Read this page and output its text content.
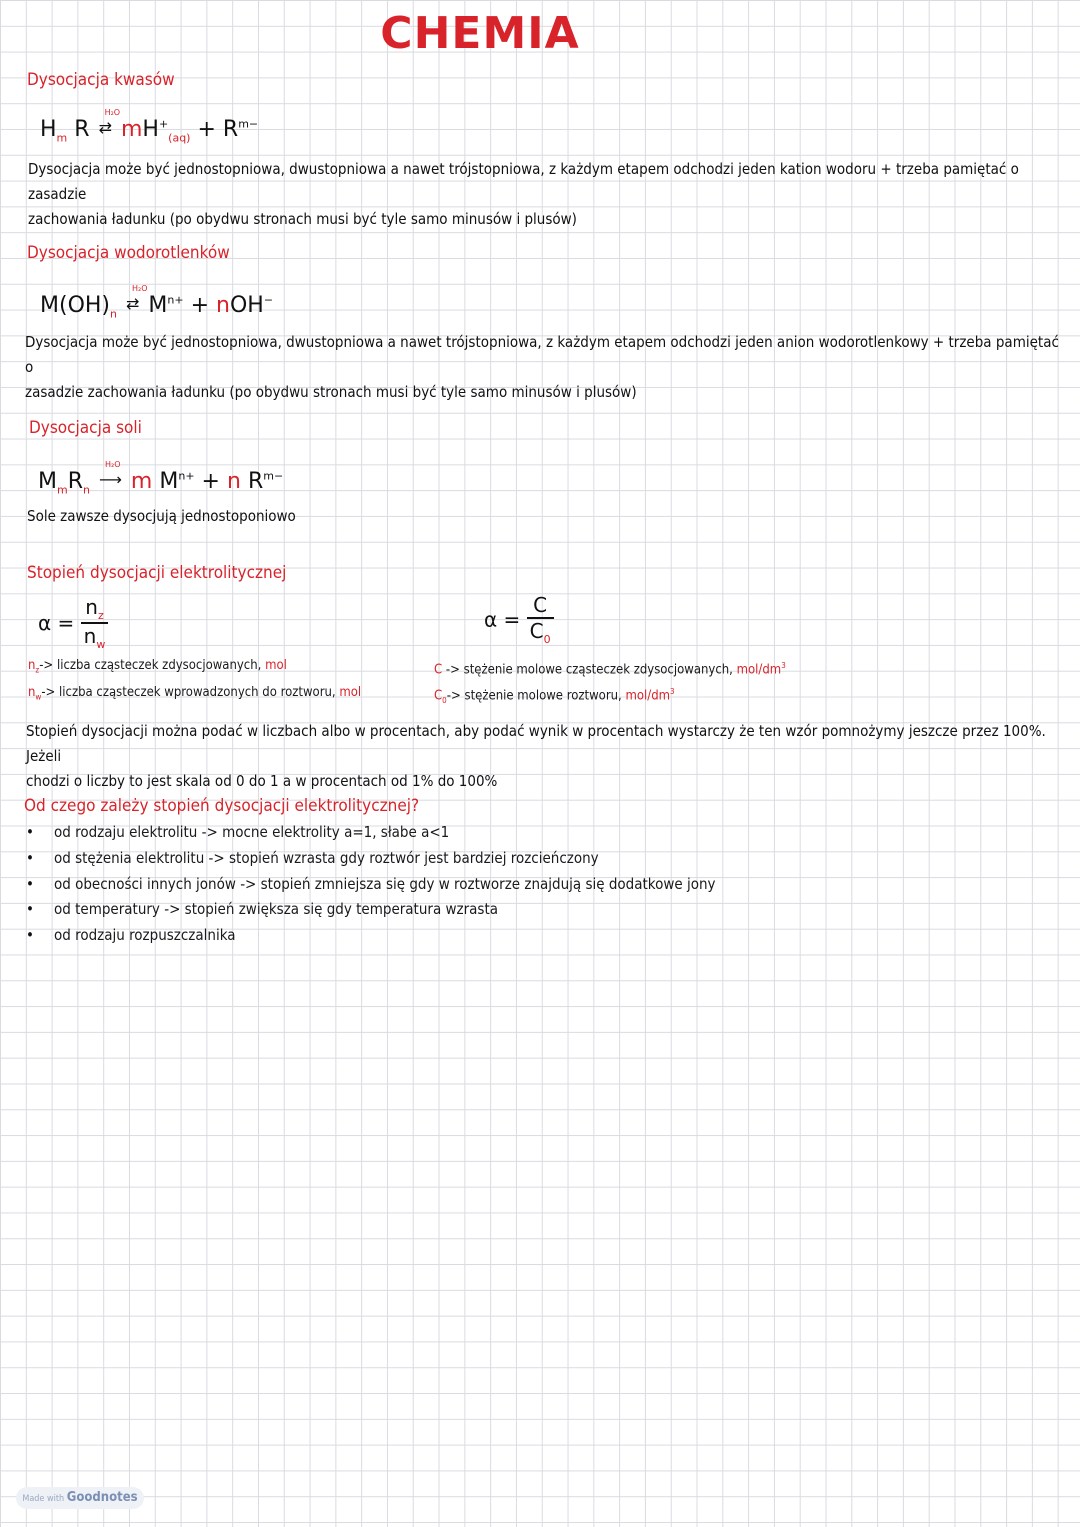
CHEMIA
Dysocjacja kwasów
$H_m$ R ⇄
H₂O
$mH^+_{(aq)} + R^{m-}$
Dysocjacja może być jednostopniowa, dwustopniowa a nawet trójstopniowa, z każdym etapem odchodzi jeden kation wodoru + trzeba pamiętać o zasadzie
zachowania ładunku (po obydwu stronach musi być tyle samo minusów i plusów)
Dysocjacja wodorotlenków
$M(OH)_n$ ⇄
H₂O
$M^{n+} + nOH^-$
Dysocjacja może być jednostopniowa, dwustopniowa a nawet trójstopniowa, z każdym etapem odchodzi jeden anion wodorotlenkowy + trzeba pamiętać o
zasadzie zachowania ładunku (po obydwu stronach musi być tyle samo minusów i plusów)
Dysocjacja soli
$M_mR_n$ ⟶
H₂O
m $M^{n+} + n$ $R^{m-}$
Sole zawsze dysocjują jednostoponiowo
Stopień dysocjacji elektrolitycznej
$\alpha = \frac{n_z}{n_w}$	$\alpha = \frac{C}{C_0}$
$n_z->$ liczba cząsteczek zdysocjowanych, mol
$n_w->$ liczba cząsteczek wprowadzonych do roztworu, mol
C -> stężenie molowe cząsteczek zdysocjowanych, mol/$dm^3$
$C_0->$ stężenie molowe roztworu, mol/$dm^3$
Stopień dysocjacji można podać w liczbach albo w procentach, aby podać wynik w procentach wystarczy że ten wzór pomnożymy jeszcze przez 100%. Jeżeli
chodzi o liczby to jest skala od 0 do 1 a w procentach od 1% do 100%
Od czego zależy stopień dysocjacji elektrolitycznej?
• od rodzaju elektrolitu -> mocne elektrolity a=1, słabe a<1
• od stężenia elektrolitu -> stopień wzrasta gdy roztwór jest bardziej rozcieńczony
• od obecności innych jonów -> stopień zmniejsza się gdy w roztworze znajdują się dodatkowe jony
• od temperatury -> stopień zwiększa się gdy temperatura wzrasta
• od rodzaju rozpuszczalnika
Made with Goodnotes
